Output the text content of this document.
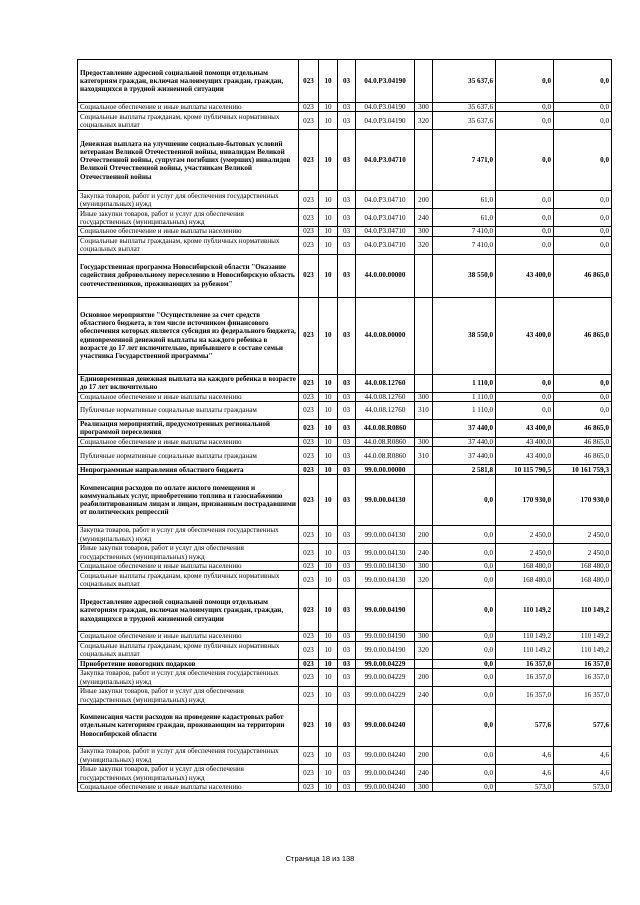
Предоставление адресной социальной помощи отдельным категориям граждан, включая малоимущих граждан, граждан, находящихся в трудной жизненной ситуации	023	10	03	04.0.P3.04190		35 637,6	0,0	0,0
Социальное обеспечение и иные выплаты населению	023	10	03	04.0.P3.04190	300	35 637,6	0,0	0,0
Социальные выплаты гражданам, кроме публичных нормативных социальных выплат	023	10	03	04.0.P3.04190	320	35 637,6	0,0	0,0
Денежная выплата на улучшение социально-бытовых условий ветеранам Великой Отечественной войны, инвалидам Великой Отечественной войны, супругам погибших (умерших) инвалидов Великой Отечественной войны, участникам Великой Отечественной войны	023	10	03	04.0.P3.04710		7 471,0	0,0	0,0
Закупка товаров, работ и услуг для обеспечения государственных (муниципальных) нужд	023	10	03	04.0.P3.04710	200	61,0	0,0	0,0
Иные закупки товаров, работ и услуг для обеспечения государственных (муниципальных) нужд	023	10	03	04.0.P3.04710	240	61,0	0,0	0,0
Социальное обеспечение и иные выплаты населению	023	10	03	04.0.P3.04710	300	7 410,0	0,0	0,0
Социальные выплаты гражданам, кроме публичных нормативных социальных выплат	023	10	03	04.0.P3.04710	320	7 410,0	0,0	0,0
Государственная программа Новосибирской области "Оказание содействия добровольному переселению в Новосибирскую область соотечественников, проживающих за рубежом"	023	10	03	44.0.00.00000		38 550,0	43 400,0	46 865,0
Основное мероприятие "Осуществление за счет средств областного бюджета, в том числе источником финансового обеспечения которых является субсидия из федерального бюджета, единовременной денежной выплаты на каждого ребенка в возрасте до 17 лет включительно, прибывшего в составе семьи участника Государственной программы"	023	10	03	44.0.08.00000		38 550,0	43 400,0	46 865,0
Единовременная денежная выплата на каждого ребенка в возрасте до 17 лет включительно	023	10	03	44.0.08.12760		1 110,0	0,0	0,0
Социальное обеспечение и иные выплаты населению	023	10	03	44.0.08.12760	300	1 110,0	0,0	0,0
Публичные нормативные социальные выплаты гражданам	023	10	03	44.0.08.12760	310	1 110,0	0,0	0,0
Реализация мероприятий, предусмотренных региональной программой переселения	023	10	03	44.0.08.R0860		37 440,0	43 400,0	46 865,0
Социальное обеспечение и иные выплаты населению	023	10	03	44.0.08.R0860	300	37 440,0	43 400,0	46 865,0
Публичные нормативные социальные выплаты гражданам	023	10	03	44.0.08.R0860	310	37 440,0	43 400,0	46 865,0
Непрограммные направления областного бюджета	023	10	03	99.0.00.00000		2 581,8	10 115 790,5	10 161 759,3
Компенсация расходов по оплате жилого помещения и коммунальных услуг, приобретению топлива и газоснабжению реабилитированным лицам и лицам, признанным пострадавшими от политических репрессий	023	10	03	99.0.00.04130		0,0	170 930,0	170 930,0
Закупка товаров, работ и услуг для обеспечения государственных (муниципальных) нужд	023	10	03	99.0.00.04130	200	0,0	2 450,0	2 450,0
Иные закупки товаров, работ и услуг для обеспечения государственных (муниципальных) нужд	023	10	03	99.0.00.04130	240	0,0	2 450,0	2 450,0
Социальное обеспечение и иные выплаты населению	023	10	03	99.0.00.04130	300	0,0	168 480,0	168 480,0
Социальные выплаты гражданам, кроме публичных нормативных социальных выплат	023	10	03	99.0.00.04130	320	0,0	168 480,0	168 480,0
Предоставление адресной социальной помощи отдельным категориям граждан, включая малоимущих граждан, граждан, находящихся в трудной жизненной ситуации	023	10	03	99.0.00.04190		0,0	110 149,2	110 149,2
Социальное обеспечение и иные выплаты населению	023	10	03	99.0.00.04190	300	0,0	110 149,2	110 149,2
Социальные выплаты гражданам, кроме публичных нормативных социальных выплат	023	10	03	99.0.00.04190	320	0,0	110 149,2	110 149,2
Приобретение новогодних подарков	023	10	03	99.0.00.04229		0,0	16 357,0	16 357,0
Закупка товаров, работ и услуг для обеспечения государственных (муниципальных) нужд	023	10	03	99.0.00.04229	200	0,0	16 357,0	16 357,0
Иные закупки товаров, работ и услуг для обеспечения государственных (муниципальных) нужд	023	10	03	99.0.00.04229	240	0,0	16 357,0	16 357,0
Компенсация части расходов на проведение кадастровых работ отдельным категориям граждан, проживающим на территории Новосибирской области	023	10	03	99.0.00.04240		0,0	577,6	577,6
Закупка товаров, работ и услуг для обеспечения государственных (муниципальных) нужд	023	10	03	99.0.00.04240	200	0,0	4,6	4,6
Иные закупки товаров, работ и услуг для обеспечения государственных (муниципальных) нужд	023	10	03	99.0.00.04240	240	0,0	4,6	4,6
Социальное обеспечение и иные выплаты населению	023	10	03	99.0.00.04240	300	0,0	573,0	573,0
Страница 18 из 138
